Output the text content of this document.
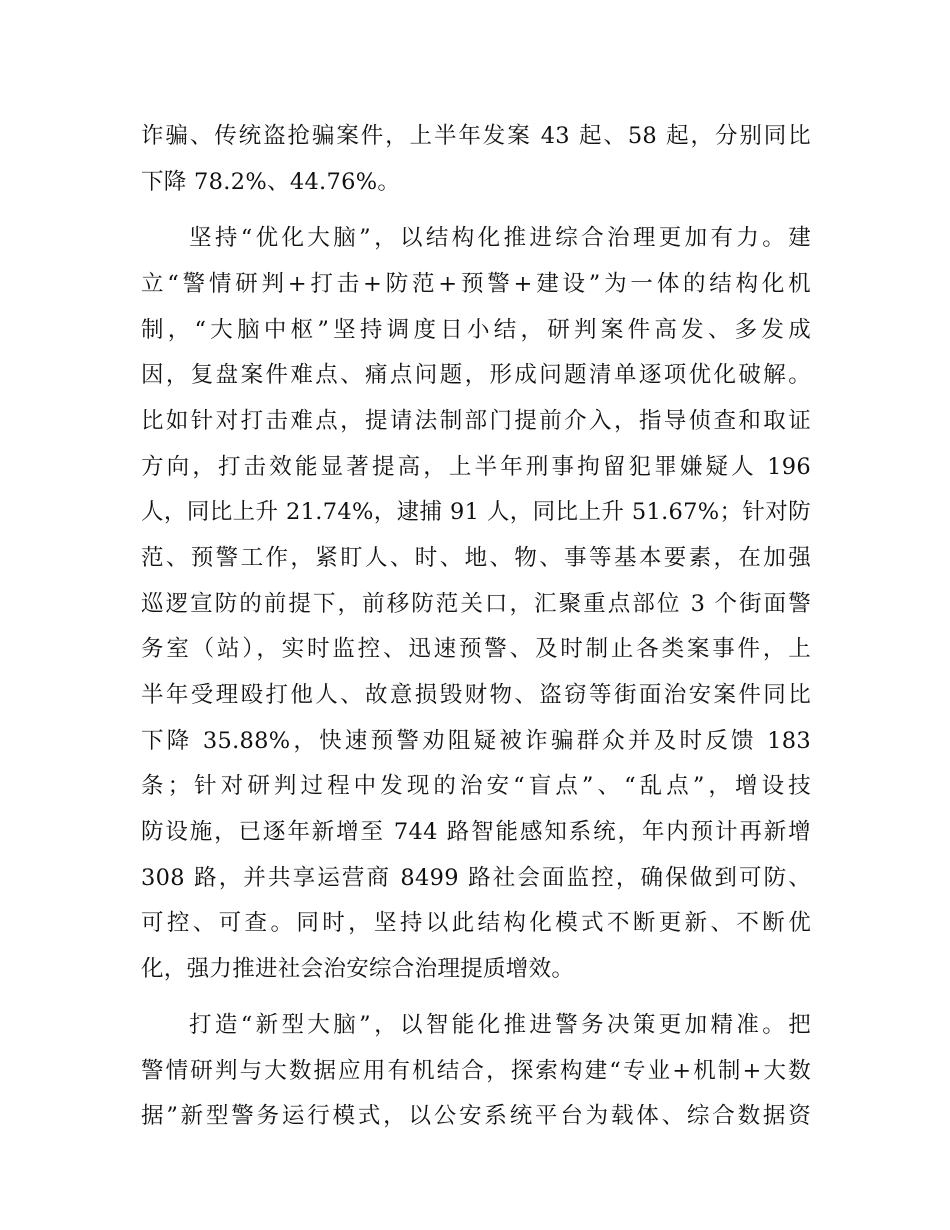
诈骗、传统盗抢骗案件，上半年发案 43 起、58 起，分别同比
下降 78.2%、44.76%。
坚持“优化大脑”，以结构化推进综合治理更加有力。建
立“警情研判+打击+防范+预警+建设”为一体的结构化机
制，“大脑中枢”坚持调度日小结，研判案件高发、多发成
因，复盘案件难点、痛点问题，形成问题清单逐项优化破解。
比如针对打击难点，提请法制部门提前介入，指导侦查和取证
方向，打击效能显著提高，上半年刑事拘留犯罪嫌疑人 196
人，同比上升 21.74%，逮捕 91 人，同比上升 51.67%；针对防
范、预警工作，紧盯人、时、地、物、事等基本要素，在加强
巡逻宣防的前提下，前移防范关口，汇聚重点部位 3 个街面警
务室（站），实时监控、迅速预警、及时制止各类案事件，上
半年受理殴打他人、故意损毁财物、盗窃等街面治安案件同比
下降 35.88%，快速预警劝阻疑被诈骗群众并及时反馈 183
条；针对研判过程中发现的治安“盲点”、“乱点”，增设技
防设施，已逐年新增至 744 路智能感知系统，年内预计再新增
308 路，并共享运营商 8499 路社会面监控，确保做到可防、
可控、可查。同时，坚持以此结构化模式不断更新、不断优
化，强力推进社会治安综合治理提质增效。
打造“新型大脑”，以智能化推进警务决策更加精准。把
警情研判与大数据应用有机结合，探索构建“专业+机制+大数
据”新型警务运行模式，以公安系统平台为载体、综合数据资
